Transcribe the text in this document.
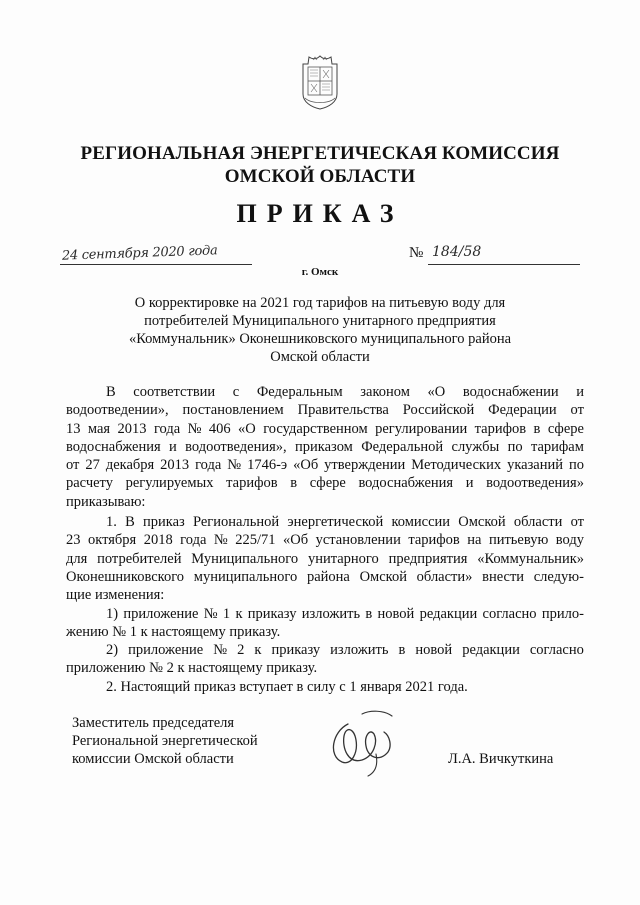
РЕГИОНАЛЬНАЯ ЭНЕРГЕТИЧЕСКАЯ КОМИССИЯ
ОМСКОЙ ОБЛАСТИ
ПРИКАЗ
24 сентября 2020 года	№ 184/58
г. Омск
О корректировке на 2021 год тарифов на питьевую воду для
потребителей Муниципального унитарного предприятия
«Коммунальник» Оконешниковского муниципального района
Омской области
В соответствии с Федеральным законом «О водоснабжении и
водоотведении», постановлением Правительства Российской Федерации от
13 мая 2013 года № 406 «О государственном регулировании тарифов в сфере
водоснабжения и водоотведения», приказом Федеральной службы по тарифам
от 27 декабря 2013 года № 1746-э «Об утверждении Методических указаний по
расчету регулируемых тарифов в сфере водоснабжения и водоотведения»
приказываю:
1. В приказ Региональной энергетической комиссии Омской области от
23 октября 2018 года № 225/71 «Об установлении тарифов на питьевую воду
для потребителей Муниципального унитарного предприятия «Коммунальник»
Оконешниковского муниципального района Омской области» внести следую-
щие изменения:
1) приложение № 1 к приказу изложить в новой редакции согласно прило-
жению № 1 к настоящему приказу.
2) приложение № 2 к приказу изложить в новой редакции согласно
приложению № 2 к настоящему приказу.
2. Настоящий приказ вступает в силу с 1 января 2021 года.
Заместитель председателя
Региональной энергетической
комиссии Омской области	Л.А. Вичкуткина
